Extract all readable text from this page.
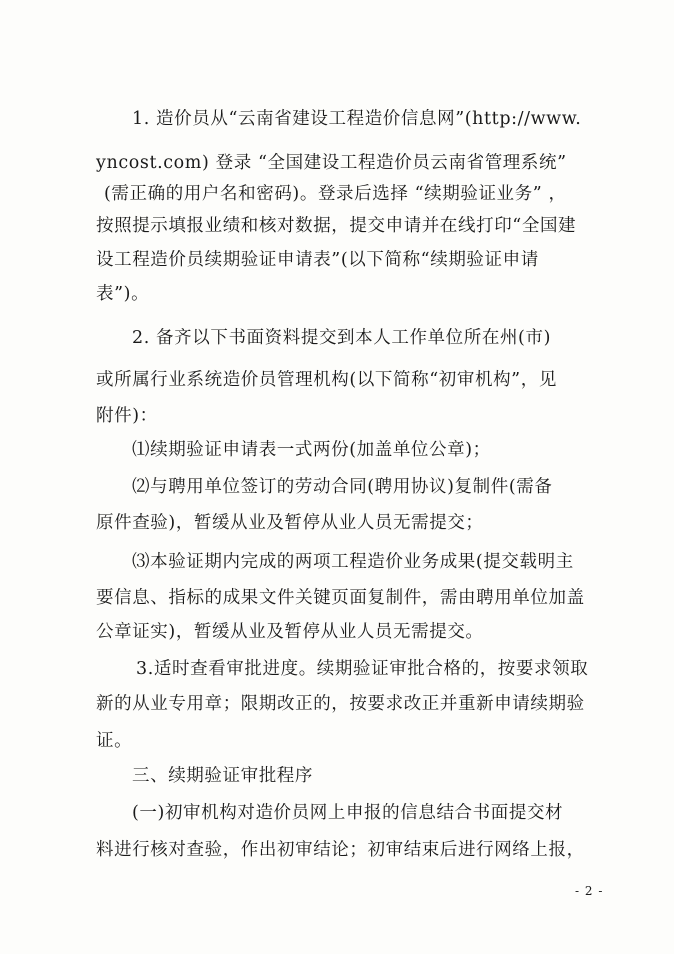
1. 造价员从“云南省建设工程造价信息网”(http://www.
yncost.com) 登录 “全国建设工程造价员云南省管理系统”
(需正确的用户名和密码)。登录后选择 “续期验证业务” ，
按照提示填报业绩和核对数据，提交申请并在线打印“全国建
设工程造价员续期验证申请表”(以下简称“续期验证申请
表”)。
2. 备齐以下书面资料提交到本人工作单位所在州(市)
或所属行业系统造价员管理机构(以下简称“初审机构”，见
附件)：
⑴续期验证申请表一式两份(加盖单位公章)；
⑵与聘用单位签订的劳动合同(聘用协议)复制件(需备
原件查验)，暂缓从业及暂停从业人员无需提交；
⑶本验证期内完成的两项工程造价业务成果(提交载明主
要信息、指标的成果文件关键页面复制件，需由聘用单位加盖
公章证实)，暂缓从业及暂停从业人员无需提交。
3.适时查看审批进度。续期验证审批合格的，按要求领取
新的从业专用章；限期改正的，按要求改正并重新申请续期验
证。
三、续期验证审批程序
(一)初审机构对造价员网上申报的信息结合书面提交材
料进行核对查验，作出初审结论；初审结束后进行网络上报，
- 2 -
